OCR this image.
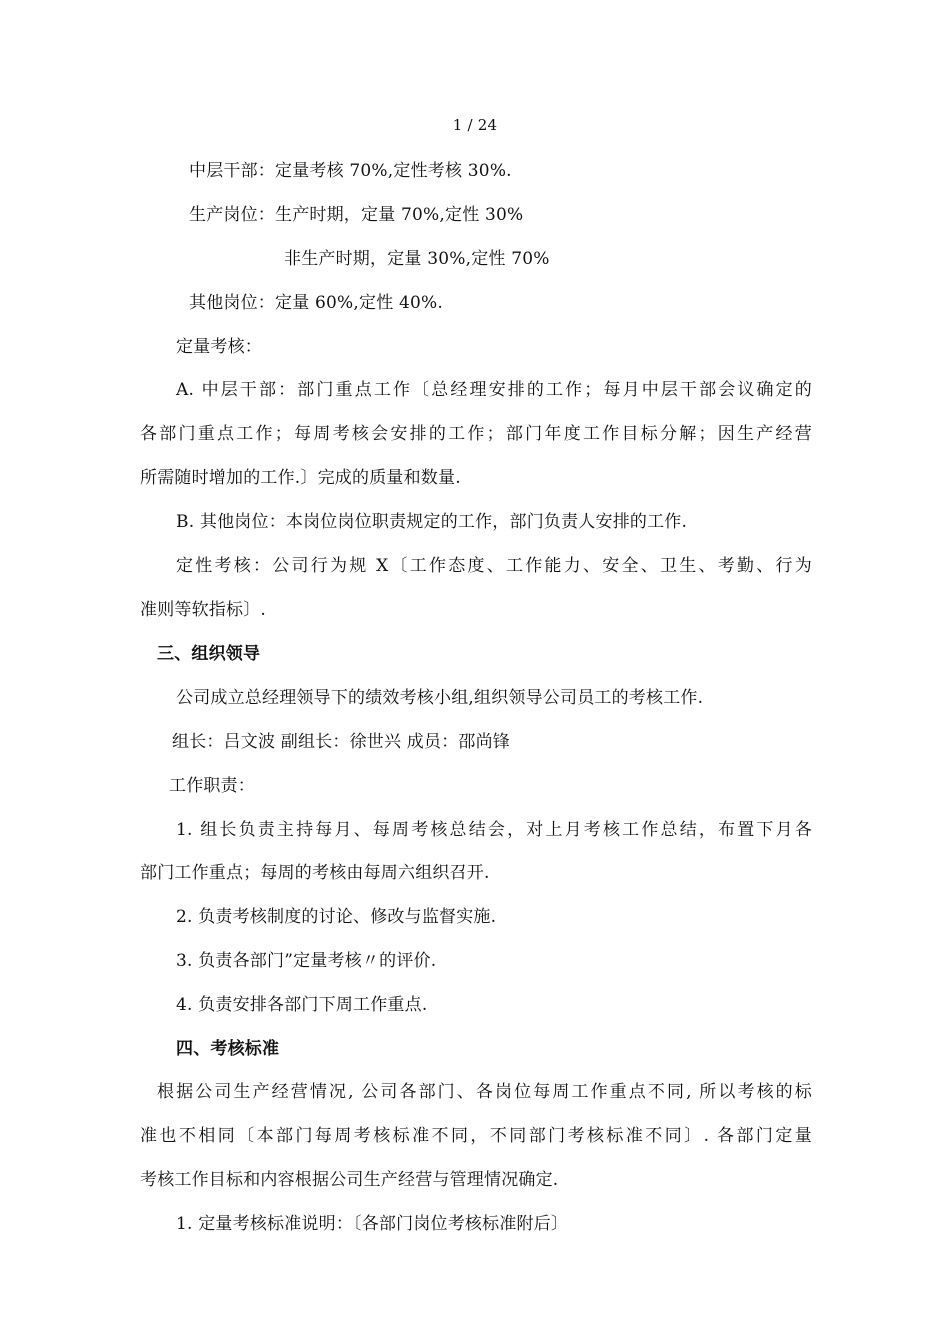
1 / 24
中层干部：定量考核 70%,定性考核 30%.
生产岗位：生产时期，定量 70%,定性 30%
非生产时期，定量 30%,定性 70%
其他岗位：定量 60%,定性 40%.
定量考核：
A. 中层干部：部门重点工作〔总经理安排的工作；每月中层干部会议确定的
各部门重点工作；每周考核会安排的工作；部门年度工作目标分解；因生产经营
所需随时增加的工作.〕完成的质量和数量.
B. 其他岗位：本岗位岗位职责规定的工作，部门负责人安排的工作.
定性考核：公司行为规 X〔工作态度、工作能力、安全、卫生、考勤、行为
准则等软指标〕.
三、组织领导
公司成立总经理领导下的绩效考核小组,组织领导公司员工的考核工作.
组长：吕文波 副组长：徐世兴 成员：邵尚锋
工作职责：
1. 组长负责主持每月、每周考核总结会，对上月考核工作总结，布置下月各
部门工作重点；每周的考核由每周六组织召开.
2. 负责考核制度的讨论、修改与监督实施.
3. 负责各部门”定量考核〃的评价.
4. 负责安排各部门下周工作重点.
四、考核标准
根据公司生产经营情况, 公司各部门、各岗位每周工作重点不同, 所以考核的标
准也不相同〔本部门每周考核标准不同，不同部门考核标准不同〕. 各部门定量
考核工作目标和内容根据公司生产经营与管理情况确定.
1. 定量考核标准说明：〔各部门岗位考核标准附后〕
